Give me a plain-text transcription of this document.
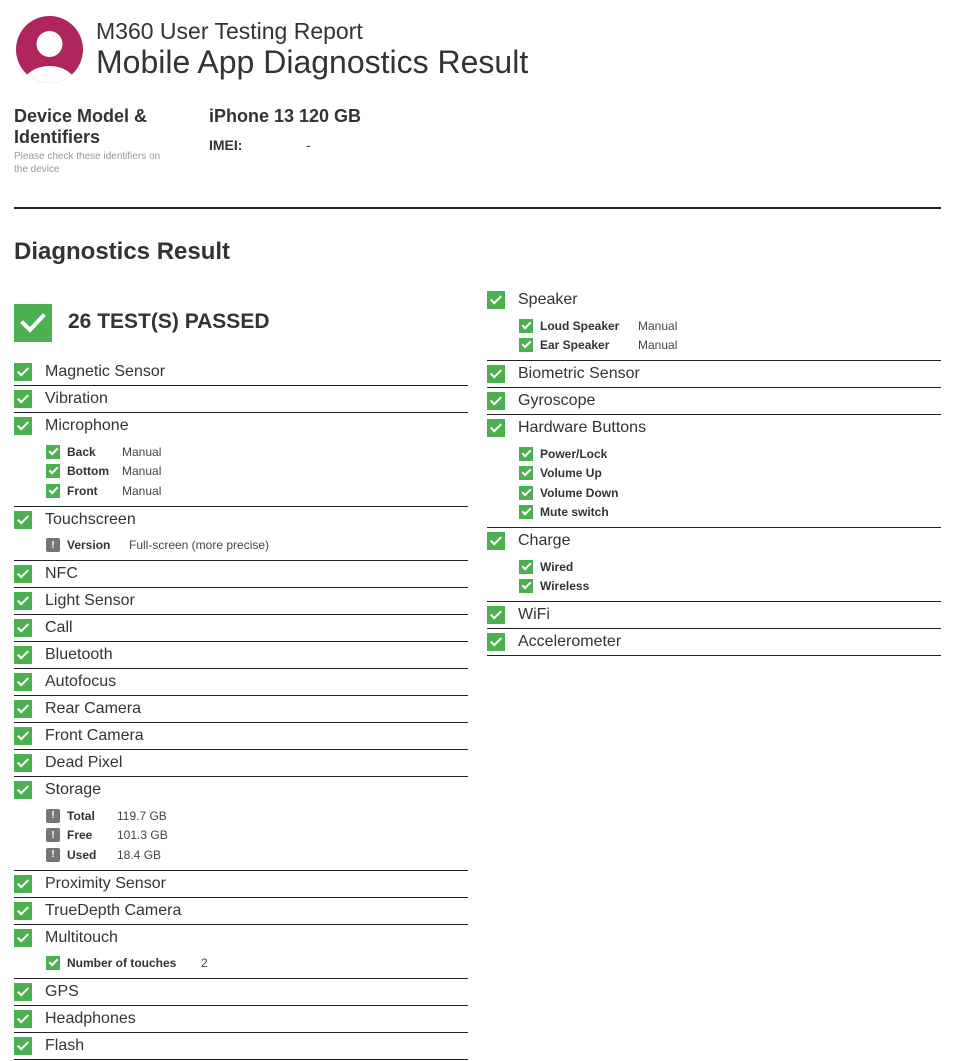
M360 User Testing Report
Mobile App Diagnostics Result
Device Model & Identifiers
Please check these identifiers on the device
iPhone 13 120 GB
IMEI:	-
Diagnostics Result
26 TEST(S) PASSED
Magnetic Sensor
Vibration
Microphone
Back	Manual
Bottom	Manual
Front	Manual
Touchscreen
!	Version	Full-screen (more precise)
NFC
Light Sensor
Call
Bluetooth
Autofocus
Rear Camera
Front Camera
Dead Pixel
Storage
!	Total	119.7 GB
!	Free	101.3 GB
!	Used	18.4 GB
Proximity Sensor
TrueDepth Camera
Multitouch
Number of touches	2
GPS
Headphones
Flash
Speaker
Loud Speaker	Manual
Ear Speaker	Manual
Biometric Sensor
Gyroscope
Hardware Buttons
Power/Lock
Volume Up
Volume Down
Mute switch
Charge
Wired
Wireless
WiFi
Accelerometer
